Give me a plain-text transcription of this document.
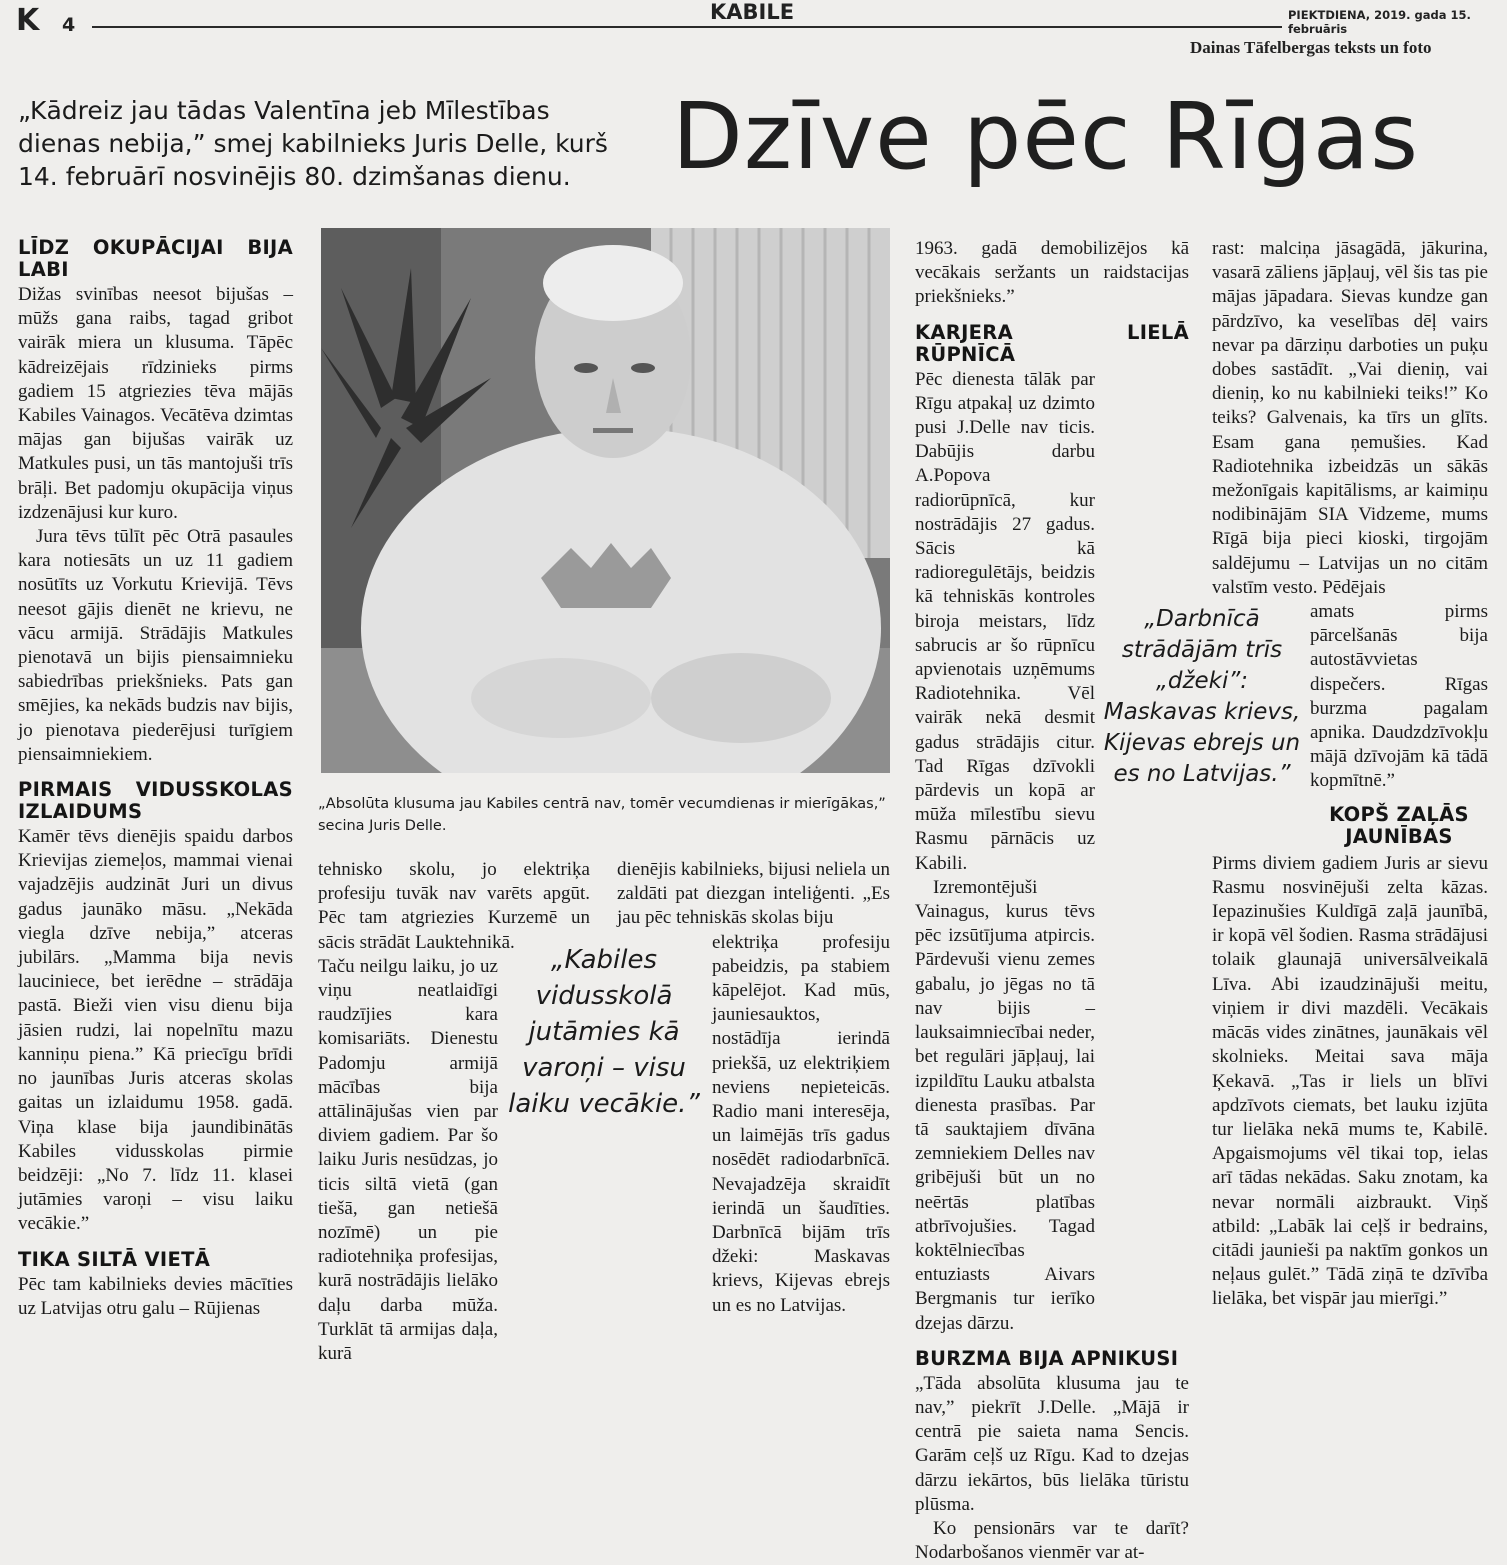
K 4
KABILE	PIEKTDIENA, 2019. gada 15. februāris
Dainas Tāfelbergas teksts un foto
„Kādreiz jau tādas Valentīna jeb Mīlestības dienas nebija,” smej kabilnieks Juris Delle, kurš 14. februārī nosvinējis 80. dzimšanas dienu.	Dzīve pēc Rīgas
„Absolūta klusuma jau Kabiles centrā nav, tomēr vecumdienas ir mierīgākas,” secina Juris Delle.
LĪDZ OKUPĀCIJAI BIJA LABI

Dižas svinības neesot bijušas – mūžs gana raibs, tagad gribot vairāk miera un klusuma. Tāpēc kādreizējais rīdzinieks pirms gadiem 15 atgriezies tēva mājās Kabiles Vainagos. Vecātēva dzimtas mājas gan bijušas vairāk uz Matkules pusi, un tās mantojuši trīs brāļi. Bet padomju okupācija viņus izdzenājusi kur kuro.

Jura tēvs tūlīt pēc Otrā pasaules kara notiesāts un uz 11 gadiem nosūtīts uz Vorkutu Krievijā. Tēvs neesot gājis dienēt ne krievu, ne vācu armijā. Strādājis Matkules pienotavā un bijis piensaimnieku sabiedrības priekšnieks. Pats gan smējies, ka nekāds budzis nav bijis, jo pienotava piederējusi turīgiem piensaimniekiem.

PIRMAIS VIDUSSKOLAS IZLAIDUMS

Kamēr tēvs dienējis spaidu darbos Krievijas ziemeļos, mammai vienai vajadzējis audzināt Juri un divus gadus jaunāko māsu. „Nekāda viegla dzīve nebija,” atceras jubilārs. „Mamma bija nevis lauciniece, bet ierēdne – strādāja pastā. Bieži vien visu dienu bija jāsien rudzi, lai nopelnītu mazu kanniņu piena.” Kā priecīgu brīdi no jaunības Juris atceras skolas gaitas un izlaidumu 1958. gadā. Viņa klase bija jaundibinātās Kabiles vidusskolas pirmie beidzēji: „No 7. līdz 11. klasei jutāmies varoņi – visu laiku vecākie.”

TIKA SILTĀ VIETĀ

Pēc tam kabilnieks devies mācīties uz Latvijas otru galu – Rūjienas

tehnisko skolu, jo elektriķa profesiju tuvāk nav varēts apgūt. Pēc tam atgriezies Kurzemē un sācis strādāt Lauktehnikā.

Taču neilgu laiku, jo uz viņu neatlaidīgi raudzījies kara komisariāts. Dienestu Padomju armijā mācības bija attālinājušas vien par diviem gadiem. Par šo laiku Juris nesūdzas, jo ticis siltā vietā (gan tiešā, gan netiešā nozīmē) un pie radiotehniķa profesijas, kurā nostrādājis lielāko daļu darba mūža. Turklāt tā armijas daļa, kurā

„Kabiles vidusskolā jutāmies kā varoņi – visu laiku vecākie.”

dienējis kabilnieks, bijusi neliela un zaldāti pat diezgan inteliģenti. „Es jau pēc tehniskās skolas biju

elektriķa profesiju pabeidzis, pa stabiem kāpelējot. Kad mūs, jauniesauktos, nostādīja ierindā priekšā, uz elektriķiem neviens nepieteicās. Radio mani interesēja, un laimējās trīs gadus nosēdēt radiodarbnīcā. Nevajadzēja skraidīt ierindā un šaudīties. Darbnīcā bijām trīs džeki: Maskavas krievs, Kijevas ebrejs un es no Latvijas.

1963. gadā demobilizējos kā vecākais seržants un raidstacijas priekšnieks.”

KARJERA LIELĀ RŪPNĪCĀ

Pēc dienesta tālāk par Rīgu atpakaļ uz dzimto pusi J.Delle nav ticis. Dabūjis darbu A.Popova radiorūpnīcā, kur nostrādājis 27 gadus. Sācis kā radioregulētājs, beidzis kā tehniskās kontroles biroja meistars, līdz sabrucis ar šo rūpnīcu apvienotais uzņēmums Radiotehnika. Vēl vairāk nekā desmit gadus strādājis citur. Tad Rīgas dzīvokli pārdevis un kopā ar mūža mīlestību sievu Rasmu pārnācis uz Kabili.

Izremontējuši Vainagus, kurus tēvs pēc izsūtījuma atpircis. Pārdevuši vienu zemes gabalu, jo jēgas no tā nav bijis – lauksaimniecībai neder, bet regulāri jāpļauj, lai izpildītu Lauku atbalsta dienesta prasības. Par tā sauktajiem dīvāna zemniekiem Delles nav gribējuši būt un no neērtās platības atbrīvojušies. Tagad koktēlniecības entuziasts Aivars Bergmanis tur ierīko dzejas dārzu.

BURZMA BIJA APNIKUSI

„Tāda absolūta klusuma jau te nav,” piekrīt J.Delle. „Mājā ir centrā pie saieta nama Sencis. Garām ceļš uz Rīgu. Kad to dzejas dārzu iekārtos, būs lielāka tūristu plūsma.

Ko pensionārs var te darīt? Nodarbošanos vienmēr var at-

„Darbnīcā strādājām trīs „džeki”: Maskavas krievs, Kijevas ebrejs un es no Latvijas.”

rast: malciņa jāsagādā, jākurina, vasarā zāliens jāpļauj, vēl šis tas pie mājas jāpadara. Sievas kundze gan pārdzīvo, ka veselības dēļ vairs nevar pa dārziņu darboties un puķu dobes sastādīt. „Vai dieniņ, vai dieniņ, ko nu kabilnieki teiks!” Ko teiks? Galvenais, ka tīrs un glīts. Esam gana ņemušies. Kad Radiotehnika izbeidzās un sākās mežonīgais kapitālisms, ar kaimiņu nodibinājām SIA Vidzeme, mums Rīgā bija pieci kioski, tirgojām saldējumu – Latvijas un no citām valstīm vesto. Pēdējais

amats pirms pārcelšanās bija autostāvvietas dispečers. Rīgas burzma pagalam apnika. Daudzdzīvokļu mājā dzīvojām kā tādā kopmītnē.”

KOPŠ ZAĻĀS JAUNĪBAS

Pirms diviem gadiem Juris ar sievu Rasmu nosvinējuši zelta kāzas. Iepazinušies Kuldīgā zaļā jaunībā, ir kopā vēl šodien. Rasma strādājusi tolaik glaunajā universālveikalā Līva. Abi izaudzinājuši meitu, viņiem ir divi mazdēli. Vecākais mācās vides zinātnes, jaunākais vēl skolnieks. Meitai sava māja Ķekavā. „Tas ir liels un blīvi apdzīvots ciemats, bet lauku izjūta tur lielāka nekā mums te, Kabilē. Apgaismojums vēl tikai top, ielas arī tādas nekādas. Saku znotam, ka nevar normāli aizbraukt. Viņš atbild: „Labāk lai ceļš ir bedrains, citādi jaunieši pa naktīm gonkos un neļaus gulēt.” Tādā ziņā te dzīvība lielāka, bet vispār jau mierīgi.”
